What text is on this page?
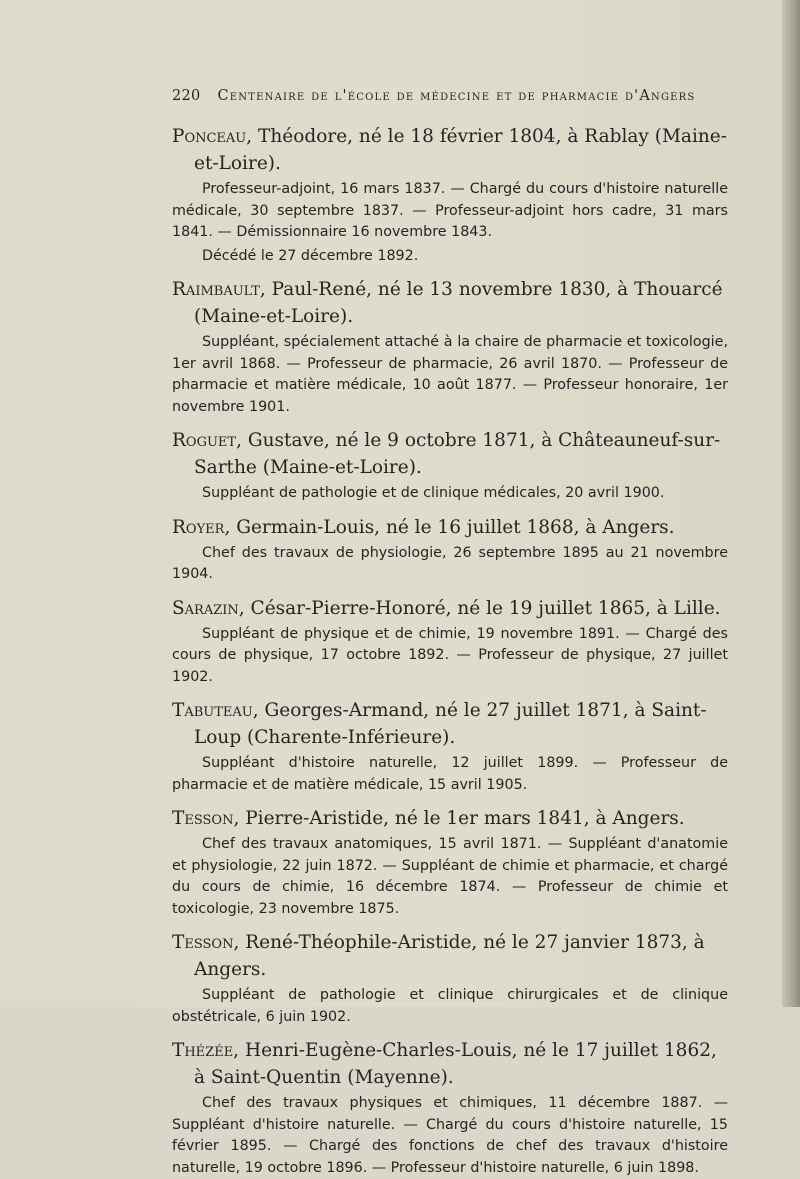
220 Centenaire de l'école de médecine et de pharmacie d'Angers

Ponceau, Théodore, né le 18 février 1804, à Rablay (Maine-et-Loire).

Professeur-adjoint, 16 mars 1837. — Chargé du cours d'histoire naturelle médicale, 30 septembre 1837. — Professeur-adjoint hors cadre, 31 mars 1841. — Démissionnaire 16 novembre 1843.

Décédé le 27 décembre 1892.

Raimbault, Paul-René, né le 13 novembre 1830, à Thouarcé (Maine-et-Loire).

Suppléant, spécialement attaché à la chaire de pharmacie et toxicologie, 1er avril 1868. — Professeur de pharmacie, 26 avril 1870. — Professeur de pharmacie et matière médicale, 10 août 1877. — Professeur honoraire, 1er novembre 1901.

Roguet, Gustave, né le 9 octobre 1871, à Châteauneuf-sur-Sarthe (Maine-et-Loire).

Suppléant de pathologie et de clinique médicales, 20 avril 1900.

Royer, Germain-Louis, né le 16 juillet 1868, à Angers.

Chef des travaux de physiologie, 26 septembre 1895 au 21 novembre 1904.

Sarazin, César-Pierre-Honoré, né le 19 juillet 1865, à Lille.

Suppléant de physique et de chimie, 19 novembre 1891. — Chargé des cours de physique, 17 octobre 1892. — Professeur de physique, 27 juillet 1902.

Tabuteau, Georges-Armand, né le 27 juillet 1871, à Saint-Loup (Charente-Inférieure).

Suppléant d'histoire naturelle, 12 juillet 1899. — Professeur de pharmacie et de matière médicale, 15 avril 1905.

Tesson, Pierre-Aristide, né le 1er mars 1841, à Angers.

Chef des travaux anatomiques, 15 avril 1871. — Suppléant d'anatomie et physiologie, 22 juin 1872. — Suppléant de chimie et pharmacie, et chargé du cours de chimie, 16 décembre 1874. — Professeur de chimie et toxicologie, 23 novembre 1875.

Tesson, René-Théophile-Aristide, né le 27 janvier 1873, à Angers.

Suppléant de pathologie et clinique chirurgicales et de clinique obstétricale, 6 juin 1902.

Thézée, Henri-Eugène-Charles-Louis, né le 17 juillet 1862, à Saint-Quentin (Mayenne).

Chef des travaux physiques et chimiques, 11 décembre 1887. — Suppléant d'histoire naturelle. — Chargé du cours d'histoire naturelle, 15 février 1895. — Chargé des fonctions de chef des travaux d'histoire naturelle, 19 octobre 1896. — Professeur d'histoire naturelle, 6 juin 1898.
